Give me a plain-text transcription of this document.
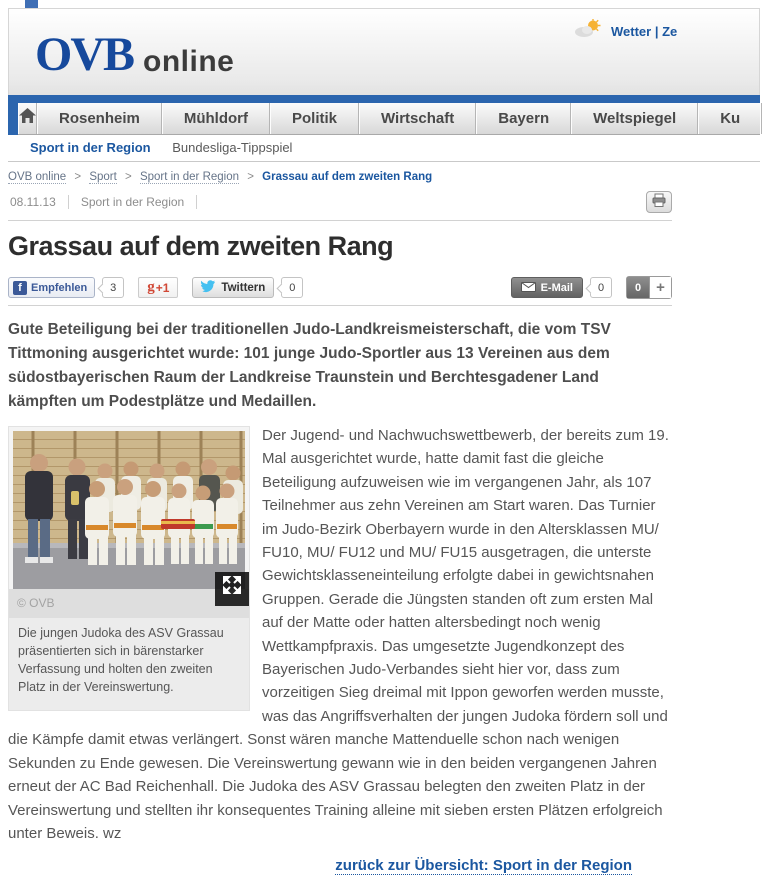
OVB online
Wetter | Ze
Rosenheim	Mühldorf	Politik	Wirtschaft	Bayern	Weltspiegel	Ku
Sport in der Region Bundesliga-Tippspiel
OVB online > Sport > Sport in der Region > Grassau auf dem zweiten Rang
08.11.13	Sport in der Region
Grassau auf dem zweiten Rang
f Empfehlen	3	g +1	Twittern	0	E-Mail	0	0	+

Gute Beteiligung bei der traditionellen Judo-Landkreismeisterschaft, die vom TSV Tittmoning ausgerichtet wurde: 101 junge Judo-Sportler aus 13 Vereinen aus dem südostbayerischen Raum der Landkreise Traunstein und Berchtesgadener Land kämpften um Podestplätze und Medaillen.

© OVB
Die jungen Judoka des ASV Grassau präsentierten sich in bärenstarker Verfassung und holten den zweiten Platz in der Vereinswertung.
Der Jugend- und Nachwuchswettbewerb, der bereits zum 19. Mal ausgerichtet wurde, hatte damit fast die gleiche Beteiligung aufzuweisen wie im vergangenen Jahr, als 107 Teilnehmer aus zehn Vereinen am Start waren. Das Turnier im Judo-Bezirk Oberbayern wurde in den Altersklassen MU/ FU10, MU/ FU12 und MU/ FU15 ausgetragen, die unterste Gewichtsklasseneinteilung erfolgte dabei in gewichtsnahen Gruppen. Gerade die Jüngsten standen oft zum ersten Mal auf der Matte oder hatten altersbedingt noch wenig Wettkampfpraxis. Das umgesetzte Jugendkonzept des Bayerischen Judo-Verbandes sieht hier vor, dass zum vorzeitigen Sieg dreimal mit Ippon geworfen werden musste, was das Angriffsverhalten der jungen Judoka fördern soll und die Kämpfe damit etwas verlängert. Sonst wären manche Mattenduelle schon nach wenigen Sekunden zu Ende gewesen. Die Vereinswertung gewann wie in den beiden vergangenen Jahren erneut der AC Bad Reichenhall. Die Judoka des ASV Grassau belegten den zweiten Platz in der Vereinswertung und stellten ihr konsequentes Training alleine mit sieben ersten Plätzen erfolgreich unter Beweis. wz
zurück zur Übersicht: Sport in der Region
